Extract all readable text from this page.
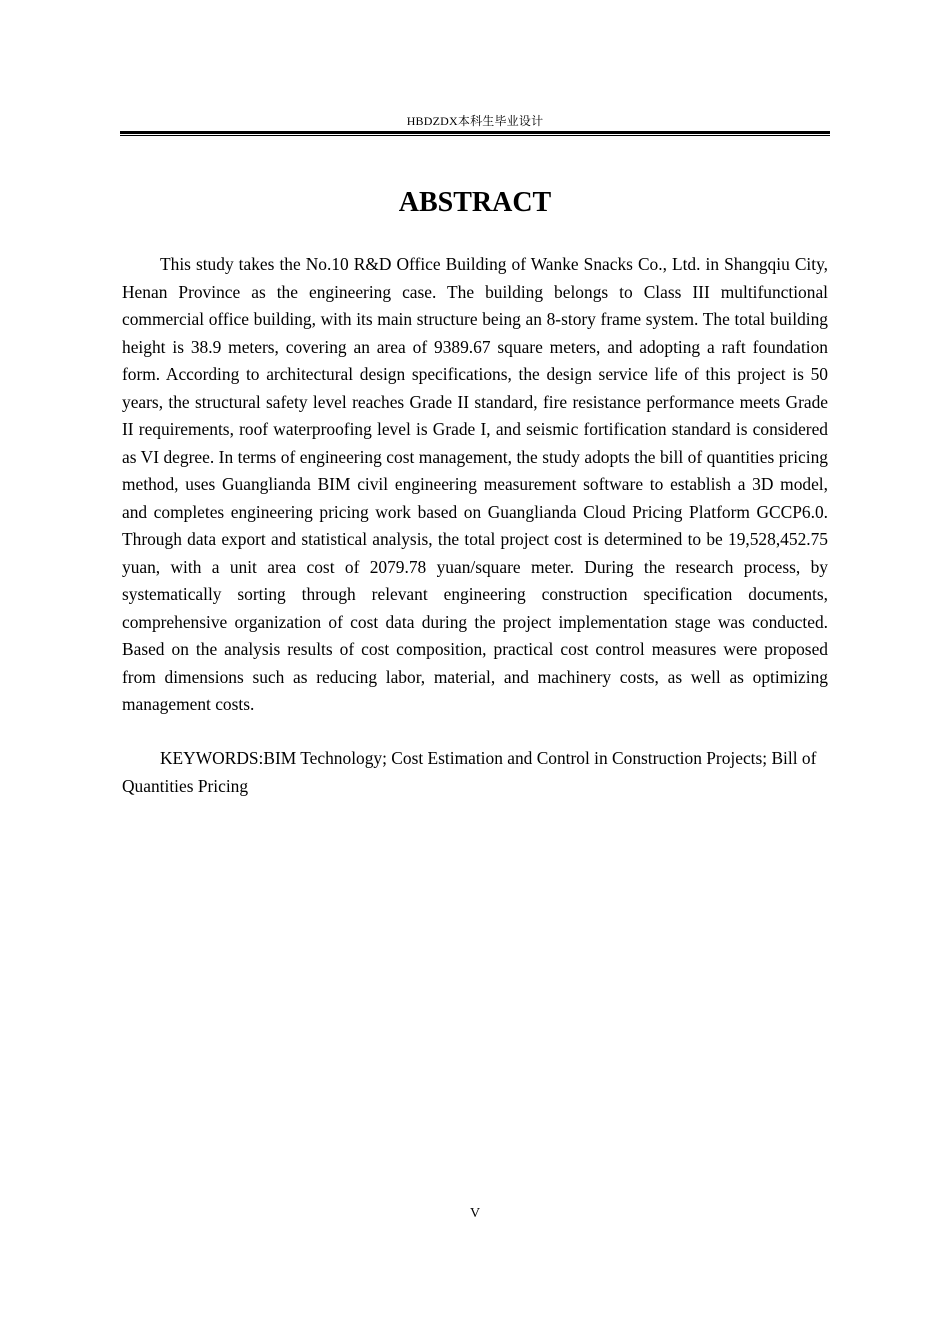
HBDZDX本科生毕业设计
ABSTRACT

This study takes the No.10 R&D Office Building of Wanke Snacks Co., Ltd. in Shangqiu City, Henan Province as the engineering case. The building belongs to Class III multifunctional commercial office building, with its main structure being an 8-story frame system. The total building height is 38.9 meters, covering an area of 9389.67 square meters, and adopting a raft foundation form. According to architectural design specifications, the design service life of this project is 50 years, the structural safety level reaches Grade II standard, fire resistance performance meets Grade II requirements, roof waterproofing level is Grade I, and seismic fortification standard is considered as VI degree. In terms of engineering cost management, the study adopts the bill of quantities pricing method, uses Guanglianda BIM civil engineering measurement software to establish a 3D model, and completes engineering pricing work based on Guanglianda Cloud Pricing Platform GCCP6.0. Through data export and statistical analysis, the total project cost is determined to be 19,528,452.75 yuan, with a unit area cost of 2079.78 yuan/square meter. During the research process, by systematically sorting through relevant engineering construction specification documents, comprehensive organization of cost data during the project implementation stage was conducted. Based on the analysis results of cost composition, practical cost control measures were proposed from dimensions such as reducing labor, material, and machinery costs, as well as optimizing management costs.

KEYWORDS:BIM Technology; Cost Estimation and Control in Construction Projects; Bill of Quantities Pricing

V
